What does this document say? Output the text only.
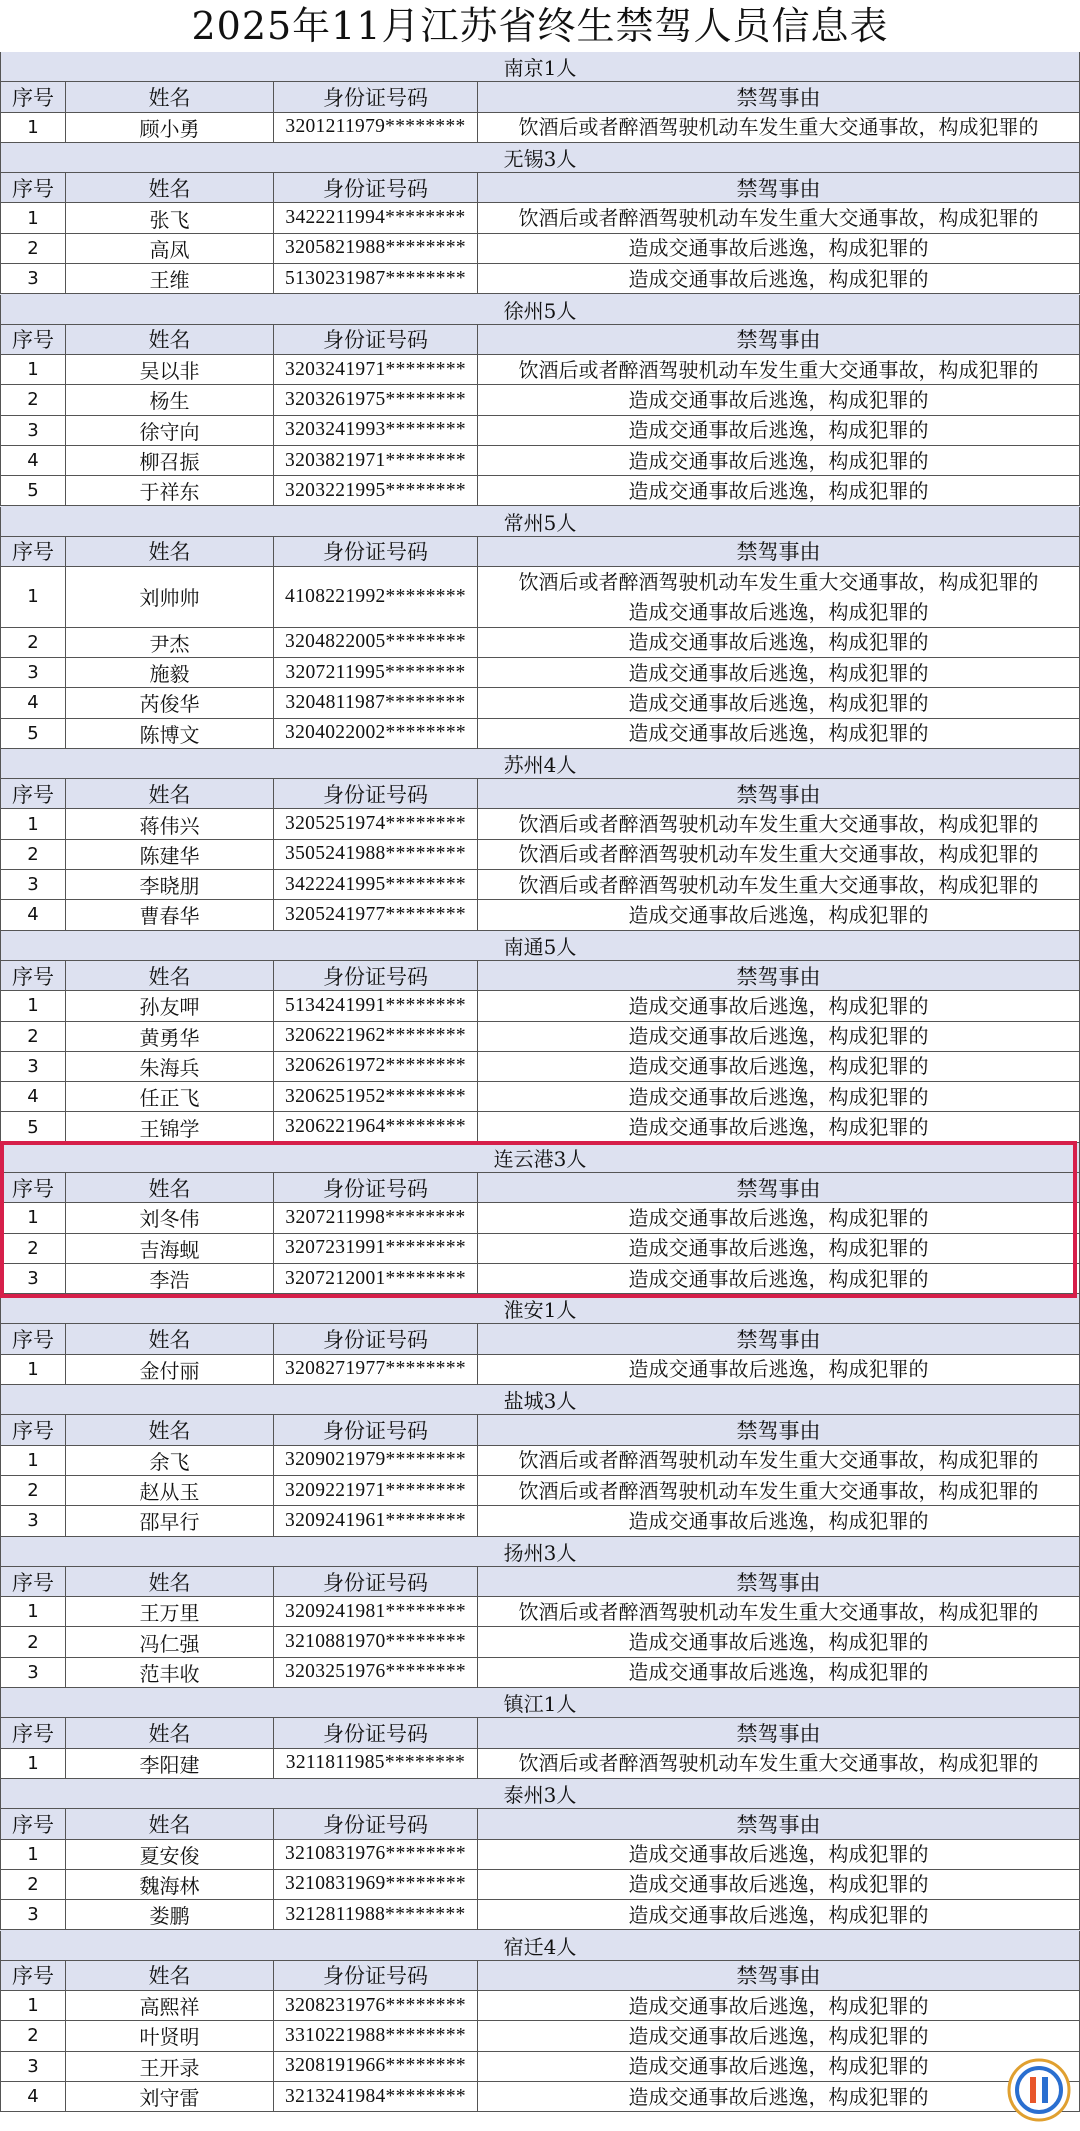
2025年11月江苏省终生禁驾人员信息表
南京1人
序号	姓名	身份证号码	禁驾事由
1	顾小勇	3201211979********	饮酒后或者醉酒驾驶机动车发生重大交通事故，构成犯罪的
无锡3人
序号	姓名	身份证号码	禁驾事由
1	张飞	3422211994********	饮酒后或者醉酒驾驶机动车发生重大交通事故，构成犯罪的
2	高凤	3205821988********	造成交通事故后逃逸，构成犯罪的
3	王维	5130231987********	造成交通事故后逃逸，构成犯罪的
徐州5人
序号	姓名	身份证号码	禁驾事由
1	吴以非	3203241971********	饮酒后或者醉酒驾驶机动车发生重大交通事故，构成犯罪的
2	杨生	3203261975********	造成交通事故后逃逸，构成犯罪的
3	徐守向	3203241993********	造成交通事故后逃逸，构成犯罪的
4	柳召振	3203821971********	造成交通事故后逃逸，构成犯罪的
5	于祥东	3203221995********	造成交通事故后逃逸，构成犯罪的
常州5人
序号	姓名	身份证号码	禁驾事由
1	刘帅帅	4108221992********
饮酒后或者醉酒驾驶机动车发生重大交通事故，构成犯罪的
造成交通事故后逃逸，构成犯罪的
2	尹杰	3204822005********	造成交通事故后逃逸，构成犯罪的
3	施毅	3207211995********	造成交通事故后逃逸，构成犯罪的
4	芮俊华	3204811987********	造成交通事故后逃逸，构成犯罪的
5	陈博文	3204022002********	造成交通事故后逃逸，构成犯罪的
苏州4人
序号	姓名	身份证号码	禁驾事由
1	蒋伟兴	3205251974********	饮酒后或者醉酒驾驶机动车发生重大交通事故，构成犯罪的
2	陈建华	3505241988********	饮酒后或者醉酒驾驶机动车发生重大交通事故，构成犯罪的
3	李晓朋	3422241995********	饮酒后或者醉酒驾驶机动车发生重大交通事故，构成犯罪的
4	曹春华	3205241977********	造成交通事故后逃逸，构成犯罪的
南通5人
序号	姓名	身份证号码	禁驾事由
1	孙友呷	5134241991********	造成交通事故后逃逸，构成犯罪的
2	黄勇华	3206221962********	造成交通事故后逃逸，构成犯罪的
3	朱海兵	3206261972********	造成交通事故后逃逸，构成犯罪的
4	任正飞	3206251952********	造成交通事故后逃逸，构成犯罪的
5	王锦学	3206221964********	造成交通事故后逃逸，构成犯罪的
连云港3人
序号	姓名	身份证号码	禁驾事由
1	刘冬伟	3207211998********	造成交通事故后逃逸，构成犯罪的
2	吉海蚬	3207231991********	造成交通事故后逃逸，构成犯罪的
3	李浩	3207212001********	造成交通事故后逃逸，构成犯罪的
淮安1人
序号	姓名	身份证号码	禁驾事由
1	金付丽	3208271977********	造成交通事故后逃逸，构成犯罪的
盐城3人
序号	姓名	身份证号码	禁驾事由
1	余飞	3209021979********	饮酒后或者醉酒驾驶机动车发生重大交通事故，构成犯罪的
2	赵从玉	3209221971********	饮酒后或者醉酒驾驶机动车发生重大交通事故，构成犯罪的
3	邵早行	3209241961********	造成交通事故后逃逸，构成犯罪的
扬州3人
序号	姓名	身份证号码	禁驾事由
1	王万里	3209241981********	饮酒后或者醉酒驾驶机动车发生重大交通事故，构成犯罪的
2	冯仁强	3210881970********	造成交通事故后逃逸，构成犯罪的
3	范丰收	3203251976********	造成交通事故后逃逸，构成犯罪的
镇江1人
序号	姓名	身份证号码	禁驾事由
1	李阳建	3211811985********	饮酒后或者醉酒驾驶机动车发生重大交通事故，构成犯罪的
泰州3人
序号	姓名	身份证号码	禁驾事由
1	夏安俊	3210831976********	造成交通事故后逃逸，构成犯罪的
2	魏海林	3210831969********	造成交通事故后逃逸，构成犯罪的
3	娄鹏	3212811988********	造成交通事故后逃逸，构成犯罪的
宿迁4人
序号	姓名	身份证号码	禁驾事由
1	高熙祥	3208231976********	造成交通事故后逃逸，构成犯罪的
2	叶贤明	3310221988********	造成交通事故后逃逸，构成犯罪的
3	王开录	3208191966********	造成交通事故后逃逸，构成犯罪的
4	刘守雷	3213241984********	造成交通事故后逃逸，构成犯罪的
